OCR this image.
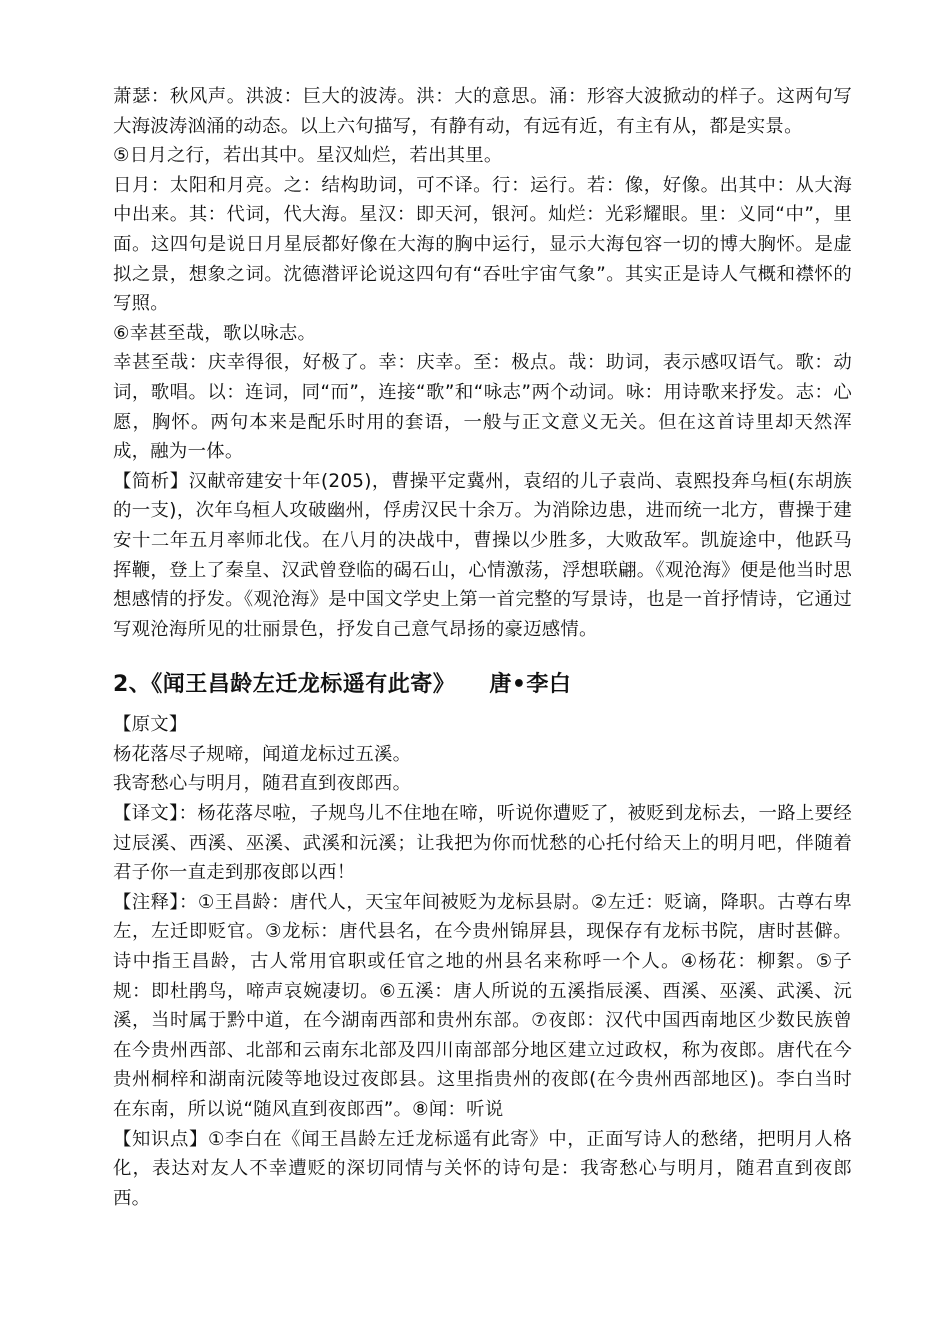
萧瑟：秋风声。洪波：巨大的波涛。洪：大的意思。涌：形容大波掀动的样子。这两句写大海波涛汹涌的动态。以上六句描写，有静有动，有远有近，有主有从，都是实景。

⑤日月之行，若出其中。星汉灿烂，若出其里。

日月：太阳和月亮。之：结构助词，可不译。行：运行。若：像，好像。出其中：从大海中出来。其：代词，代大海。星汉：即天河，银河。灿烂：光彩耀眼。里：义同“中”，里面。这四句是说日月星辰都好像在大海的胸中运行，显示大海包容一切的博大胸怀。是虚拟之景，想象之词。沈德潜评论说这四句有“吞吐宇宙气象”。其实正是诗人气概和襟怀的写照。

⑥幸甚至哉，歌以咏志。

幸甚至哉：庆幸得很，好极了。幸：庆幸。至：极点。哉：助词，表示感叹语气。歌：动词，歌唱。以：连词，同“而”，连接“歌”和“咏志”两个动词。咏：用诗歌来抒发。志：心愿，胸怀。两句本来是配乐时用的套语，一般与正文意义无关。但在这首诗里却天然浑成，融为一体。

【简析】汉献帝建安十年(205)，曹操平定冀州，袁绍的儿子袁尚、袁熙投奔乌桓(东胡族的一支)，次年乌桓人攻破幽州，俘虏汉民十余万。为消除边患，进而统一北方，曹操于建安十二年五月率师北伐。在八月的决战中，曹操以少胜多，大败敌军。凯旋途中，他跃马挥鞭，登上了秦皇、汉武曾登临的碣石山，心情激荡，浮想联翩。《观沧海》便是他当时思想感情的抒发。《观沧海》是中国文学史上第一首完整的写景诗，也是一首抒情诗，它通过写观沧海所见的壮丽景色，抒发自己意气昂扬的豪迈感情。

2、《闻王昌龄左迁龙标遥有此寄》 唐•李白

【原文】

杨花落尽子规啼，闻道龙标过五溪。

我寄愁心与明月，随君直到夜郎西。

【译文】：杨花落尽啦，子规鸟儿不住地在啼，听说你遭贬了，被贬到龙标去，一路上要经过辰溪、西溪、巫溪、武溪和沅溪；让我把为你而忧愁的心托付给天上的明月吧，伴随着君子你一直走到那夜郎以西！

【注释】：①王昌龄：唐代人，天宝年间被贬为龙标县尉。②左迁：贬谪，降职。古尊右卑左，左迁即贬官。③龙标：唐代县名，在今贵州锦屏县，现保存有龙标书院，唐时甚僻。诗中指王昌龄，古人常用官职或任官之地的州县名来称呼一个人。④杨花：柳絮。⑤子规：即杜鹃鸟，啼声哀婉凄切。⑥五溪：唐人所说的五溪指辰溪、酉溪、巫溪、武溪、沅溪，当时属于黔中道，在今湖南西部和贵州东部。⑦夜郎：汉代中国西南地区少数民族曾在今贵州西部、北部和云南东北部及四川南部部分地区建立过政权，称为夜郎。唐代在今贵州桐梓和湖南沅陵等地设过夜郎县。这里指贵州的夜郎(在今贵州西部地区)。李白当时在东南，所以说“随风直到夜郎西”。⑧闻：听说

【知识点】①李白在《闻王昌龄左迁龙标遥有此寄》中，正面写诗人的愁绪，把明月人格化，表达对友人不幸遭贬的深切同情与关怀的诗句是：我寄愁心与明月，随君直到夜郎西。
